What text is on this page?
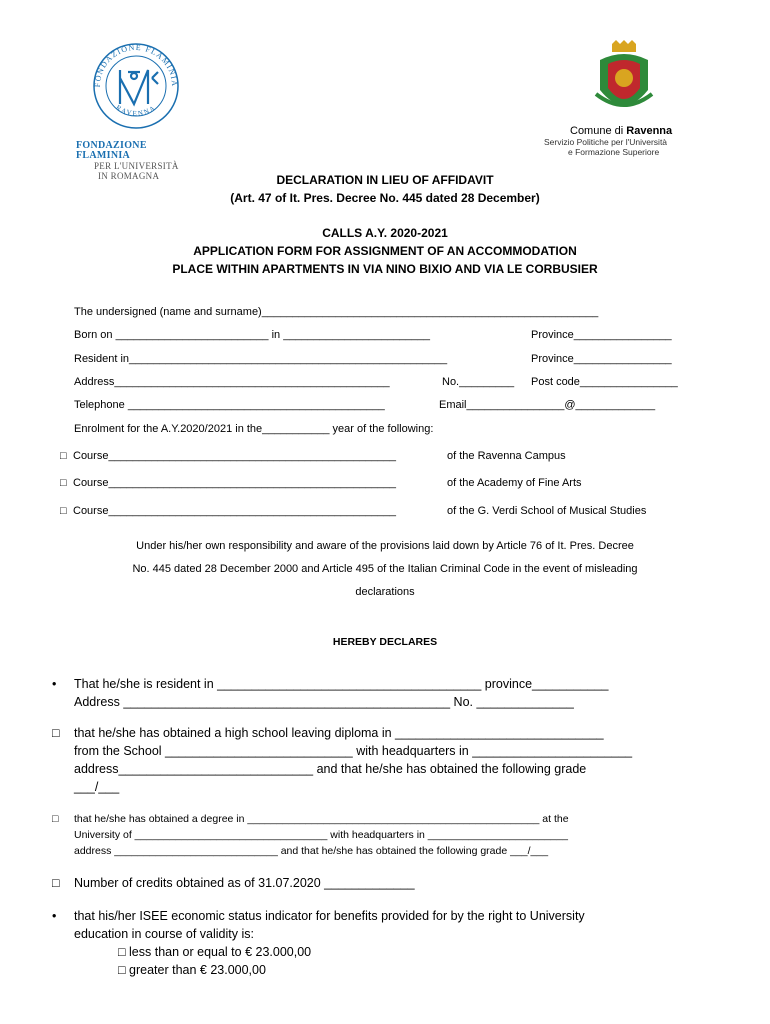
FONDAZIONE FLAMINIA
RAVENNA
FONDAZIONE FLAMINIA
PER L'UNIVERSITÀ
IN ROMAGNA
Comune di Ravenna
Servizio Politiche per l'Università
e Formazione Superiore
DECLARATION IN LIEU OF AFFIDAVIT
(Art. 47 of It. Pres. Decree No. 445 dated 28 December)
CALLS A.Y. 2020-2021
APPLICATION FORM FOR ASSIGNMENT OF AN ACCOMMODATION
PLACE WITHIN APARTMENTS IN VIA NINO BIXIO AND VIA LE CORBUSIER
The undersigned (name and surname)_______________________________________________________
Born on _________________________ in ________________________	Province________________
Resident in____________________________________________________	Province________________
Address_____________________________________________	No._________ Post code________________
Telephone __________________________________________	Email________________@_____________
Enrolment for the A.Y.2020/2021 in the___________ year of the following:
□ Course_______________________________________________	of the Ravenna Campus
□ Course_______________________________________________	of the Academy of Fine Arts
□ Course_______________________________________________	of the G. Verdi School of Musical Studies
Under his/her own responsibility and aware of the provisions laid down by Article 76 of It. Pres. Decree
No. 445 dated 28 December 2000 and Article 495 of the Italian Criminal Code in the event of misleading
declarations
HEREBY DECLARES
• That he/she is resident in ______________________________________ province___________
Address _______________________________________________ No. ______________
□ that he/she has obtained a high school leaving diploma in ______________________________
from the School ___________________________ with headquarters in _______________________
address____________________________ and that he/she has obtained the following grade
___/___
□ that he/she has obtained a degree in __________________________________________________ at the
University of _________________________________ with headquarters in ________________________
address ____________________________ and that he/she has obtained the following grade ___/___
□ Number of credits obtained as of 31.07.2020 _____________
• that his/her ISEE economic status indicator for benefits provided for by the right to University
education in course of validity is:
□ less than or equal to € 23.000,00
□ greater than € 23.000,00
